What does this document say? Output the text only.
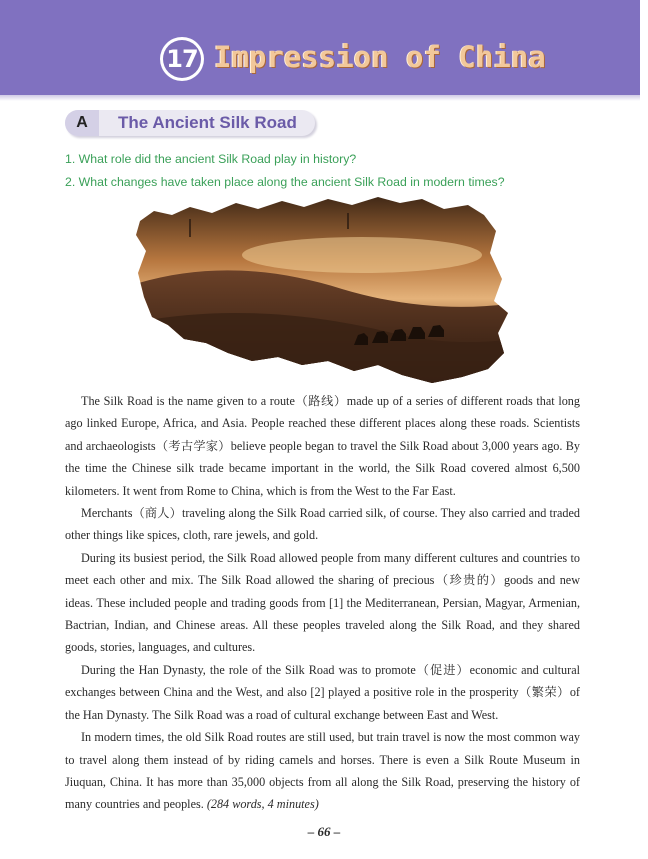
17 Impression of China
A	The Ancient Silk Road
1. What role did the ancient Silk Road play in history?
2. What changes have taken place along the ancient Silk Road in modern times?

The Silk Road is the name given to a route（路线）made up of a series of different roads that long ago linked Europe, Africa, and Asia. People reached these different places along these roads. Scientists and archaeologists（考古学家）believe people began to travel the Silk Road about 3,000 years ago. By the time the Chinese silk trade became important in the world, the Silk Road covered almost 6,500 kilometers. It went from Rome to China, which is from the West to the Far East.

Merchants（商人）traveling along the Silk Road carried silk, of course. They also carried and traded other things like spices, cloth, rare jewels, and gold.

During its busiest period, the Silk Road allowed people from many different cultures and countries to meet each other and mix. The Silk Road allowed the sharing of precious（珍贵的）goods and new ideas. These included people and trading goods from [1] the Mediterranean, Persian, Magyar, Armenian, Bactrian, Indian, and Chinese areas. All these peoples traveled along the Silk Road, and they shared goods, stories, languages, and cultures.

During the Han Dynasty, the role of the Silk Road was to promote（促进）economic and cultural exchanges between China and the West, and also [2] played a positive role in the prosperity（繁荣）of the Han Dynasty. The Silk Road was a road of cultural exchange between East and West.

In modern times, the old Silk Road routes are still used, but train travel is now the most common way to travel along them instead of by riding camels and horses. There is even a Silk Route Museum in Jiuquan, China. It has more than 35,000 objects from all along the Silk Road, preserving the history of many countries and peoples. (284 words, 4 minutes)

– 66 –
